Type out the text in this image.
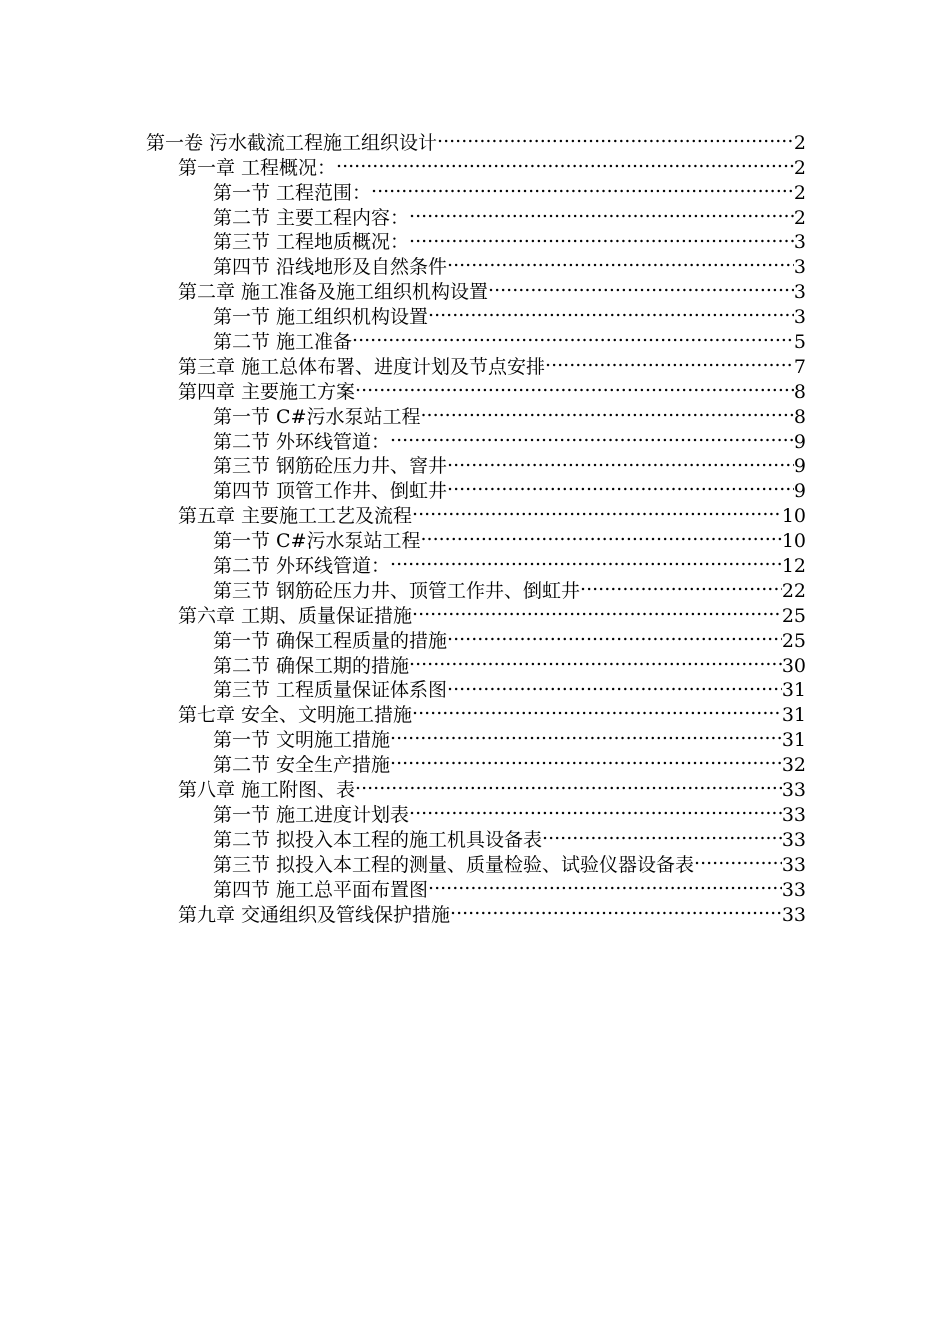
第一卷 污水截流工程施工组织设计 .....	2
第一章 工程概况： .....	2
第一节 工程范围： .....	2
第二节 主要工程内容： .....	2
第三节 工程地质概况： .....	3
第四节 沿线地形及自然条件 .....	3
第二章 施工准备及施工组织机构设置 .....	3
第一节 施工组织机构设置 .....	3
第二节 施工准备 .....	5
第三章 施工总体布署、进度计划及节点安排 .....	7
第四章 主要施工方案 .....	8
第一节 C#污水泵站工程 .....	8
第二节 外环线管道： .....	9
第三节 钢筋砼压力井、窨井 .....	9
第四节 顶管工作井、倒虹井 .....	9
第五章 主要施工工艺及流程 .....	10
第一节 C#污水泵站工程 .....	10
第二节 外环线管道： .....	12
第三节 钢筋砼压力井、顶管工作井、倒虹井 .....	22
第六章 工期、质量保证措施 .....	25
第一节 确保工程质量的措施 .....	25
第二节 确保工期的措施 .....	30
第三节 工程质量保证体系图 .....	31
第七章 安全、文明施工措施 .....	31
第一节 文明施工措施 .....	31
第二节 安全生产措施 .....	32
第八章 施工附图、表 .....	33
第一节 施工进度计划表 .....	33
第二节 拟投入本工程的施工机具设备表 .....	33
第三节 拟投入本工程的测量、质量检验、试验仪器设备表 .....	33
第四节 施工总平面布置图 .....	33
第九章 交通组织及管线保护措施 .....	33
